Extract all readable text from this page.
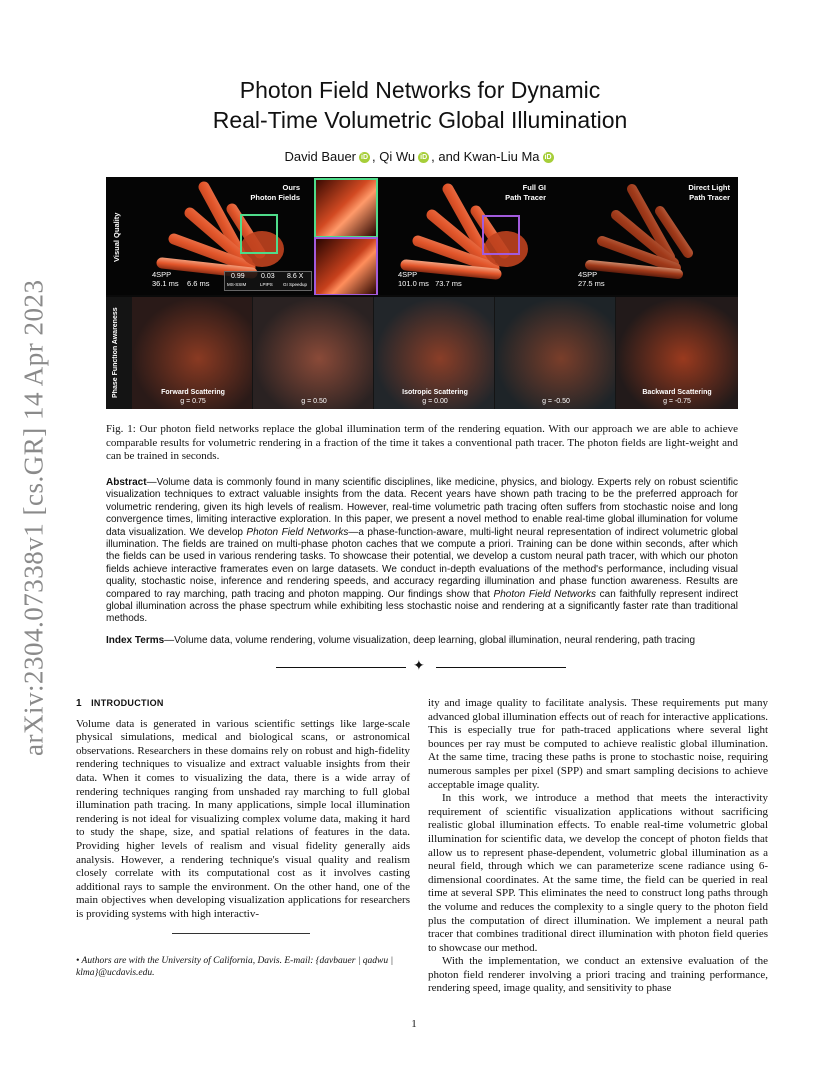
arXiv:2304.07338v1 [cs.GR] 14 Apr 2023
Photon Field Networks for Dynamic
Real-Time Volumetric Global Illumination
David Bauer iD , Qi Wu iD , and Kwan-Liu Ma iD
Visual Quality
Ours
Photon Fields
4SPP
36.1 ms 6.6 ms
0.99
MS-SSIM
0.03
LPIPS
8.6 X
GI Speedup
Full GI
Path Tracer
4SPP
101.0 ms 73.7 ms
Direct Light
Path Tracer
4SPP
27.5 ms
Phase Function Awareness	Forward Scattering
g = 0.75	g = 0.50
Isotropic Scattering
g = 0.00	g = -0.50
Backward Scattering
g = -0.75
Fig. 1: Our photon field networks replace the global illumination term of the rendering equation. With our approach we are able to achieve comparable results for volumetric rendering in a fraction of the time it takes a conventional path tracer. The photon fields are light-weight and can be trained in seconds.
Abstract—Volume data is commonly found in many scientific disciplines, like medicine, physics, and biology. Experts rely on robust scientific visualization techniques to extract valuable insights from the data. Recent years have shown path tracing to be the preferred approach for volumetric rendering, given its high levels of realism. However, real-time volumetric path tracing often suffers from stochastic noise and long convergence times, limiting interactive exploration. In this paper, we present a novel method to enable real-time global illumination for volume data visualization. We develop Photon Field Networks—a phase-function-aware, multi-light neural representation of indirect volumetric global illumination. The fields are trained on multi-phase photon caches that we compute a priori. Training can be done within seconds, after which the fields can be used in various rendering tasks. To showcase their potential, we develop a custom neural path tracer, with which our photon fields achieve interactive framerates even on large datasets. We conduct in-depth evaluations of the method's performance, including visual quality, stochastic noise, inference and rendering speeds, and accuracy regarding illumination and phase function awareness. Results are compared to ray marching, path tracing and photon mapping. Our findings show that Photon Field Networks can faithfully represent indirect global illumination across the phase spectrum while exhibiting less stochastic noise and rendering at a significantly faster rate than traditional methods.
Index Terms—Volume data, volume rendering, volume visualization, deep learning, global illumination, neural rendering, path tracing
✦
1 INTRODUCTION

Volume data is generated in various scientific settings like large-scale physical simulations, medical and biological scans, or astronomical observations. Researchers in these domains rely on robust and high-fidelity rendering techniques to visualize and extract valuable insights from their data. When it comes to visualizing the data, there is a wide array of rendering techniques ranging from unshaded ray marching to full global illumination path tracing. In many applications, simple local illumination rendering is not ideal for visualizing complex volume data, making it hard to study the shape, size, and spatial relations of features in the data. Providing higher levels of realism and visual fidelity generally aids analysis. However, a rendering technique's visual quality and realism closely correlate with its computational cost as it involves casting additional rays to sample the environment. On the other hand, one of the main objectives when developing visualization applications for researchers is providing systems with high interactiv-

• Authors are with the University of California, Davis. E-mail: {davbauer | qadwu | klma}@ucdavis.edu.

ity and image quality to facilitate analysis. These requirements put many advanced global illumination effects out of reach for interactive applications. This is especially true for path-traced applications where several light bounces per ray must be computed to achieve realistic global illumination. At the same time, tracing these paths is prone to stochastic noise, requiring numerous samples per pixel (SPP) and smart sampling decisions to achieve acceptable image quality.

In this work, we introduce a method that meets the interactivity requirement of scientific visualization applications without sacrificing realistic global illumination effects. To enable real-time volumetric global illumination for scientific data, we develop the concept of photon fields that allow us to represent phase-dependent, volumetric global illumination as a neural field, through which we can parameterize scene radiance using 6-dimensional coordinates. At the same time, the field can be queried in real time at several SPP. This eliminates the need to construct long paths through the volume and reduces the complexity to a single query to the photon field plus the computation of direct illumination. We implement a neural path tracer that combines traditional direct illumination with photon field queries to showcase our method.

With the implementation, we conduct an extensive evaluation of the photon field renderer involving a priori tracing and training performance, rendering speed, image quality, and sensitivity to phase

1
